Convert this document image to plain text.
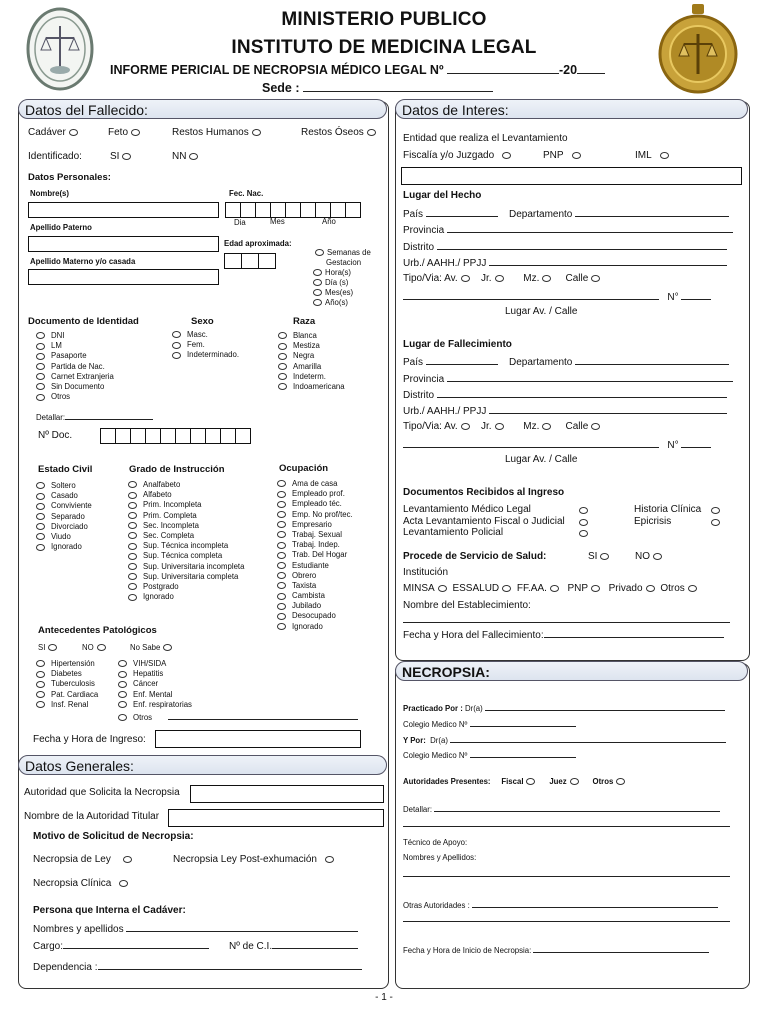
MINISTERIO PUBLICO
INSTITUTO DE MEDICINA LEGAL
INFORME PERICIAL DE NECROPSIA MÉDICO LEGAL Nº	-20
Sede :
Datos del Fallecido:
Cadáver	Feto	Restos Humanos	Restos Óseos
Identificado:	SI	NN
Datos Personales:
Nombre(s)	Fec. Nac.
Dia	Mes	Año
Apellido Paterno
Edad aproximada:
Apellido Materno y/o casada
Semanas de
Gestacion
Hora(s)
Día (s)
Mes(es)
Año(s)
Documento de Identidad	Sexo	Raza
DNI
LM
Pasaporte
Partida de Nac.
Carnet Extranjeria
Sin Documento
Otros
Masc.
Fem.
Indeterminado.
Blanca
Mestiza
Negra
Amarilla
Indeterm.
Indoamericana
Detallar:
Nº Doc.
Estado Civil	Grado de Instrucción	Ocupación
Soltero
Casado
Conviviente
Separado
Divorciado
Viudo
Ignorado
Analfabeto
Alfabeto
Prim. Incompleta
Prim. Completa
Sec. Incompleta
Sec. Completa
Sup. Técnica incompleta
Sup. Técnica completa
Sup. Universitaria incompleta
Sup. Universitaria completa
Postgrado
Ignorado
Ama de casa
Empleado prof.
Empleado téc.
Emp. No prof/tec.
Empresario
Trabaj. Sexual
Trabaj. Indep.
Trab. Del Hogar
Estudiante
Obrero
Taxista
Cambista
Jubilado
Desocupado
Ignorado
Antecedentes Patológicos
SI	NO	No Sabe
Hipertensión
Diabetes
Tuberculosis
Pat. Cardiaca
Insf. Renal
VIH/SIDA
Hepatitis
Cáncer
Enf. Mental
Enf. respiratorias
Otros
Fecha y Hora de Ingreso:
Datos Generales:
Autoridad que Solicita la Necropsia
Nombre de la Autoridad Titular
Motivo de Solicitud de Necropsia:
Necropsia de Ley	Necropsia Ley Post-exhumación
Necropsia Clínica
Persona que Interna el Cadáver:
Nombres y apellidos
Cargo:	Nº de C.I.
Dependencia :
Datos de Interes:
Entidad que realiza el Levantamiento
Fiscalía y/o Juzgado	PNP	IML
Lugar del Hecho
País	Departamento
Provincia
Distrito
Urb./ AAHH./ PPJJ
Tipo/Via: Av. Jr.	Mz.	Calle
N°
Lugar Av. / Calle
Lugar de Fallecimiento
País	Departamento
Provincia
Distrito
Urb./ AAHH./ PPJJ
Tipo/Via: Av. Jr.	Mz.	Calle
N°
Lugar Av. / Calle
Documentos Recibidos al Ingreso
Levantamiento Médico Legal
Acta Levantamiento Fiscal o Judicial
Levantamiento Policial
Historia Clínica
Epicrisis
Procede de Servicio de Salud:	SI	NO
Institución
MINSA ESSALUD FF.AA. PNP Privado Otros
Nombre del Establecimiento:
Fecha y Hora del Fallecimiento:
NECROPSIA:
Practicado Por : Dr(a)
Colegio Medico Nº
Y Por: Dr(a)
Colegio Medico Nº
Autoridades Presentes: Fiscal	Juez	Otros
Detallar:
Técnico de Apoyo:
Nombres y Apellidos:
Otras Autoridades :
Fecha y Hora de Inicio de Necropsia:
- 1 -
